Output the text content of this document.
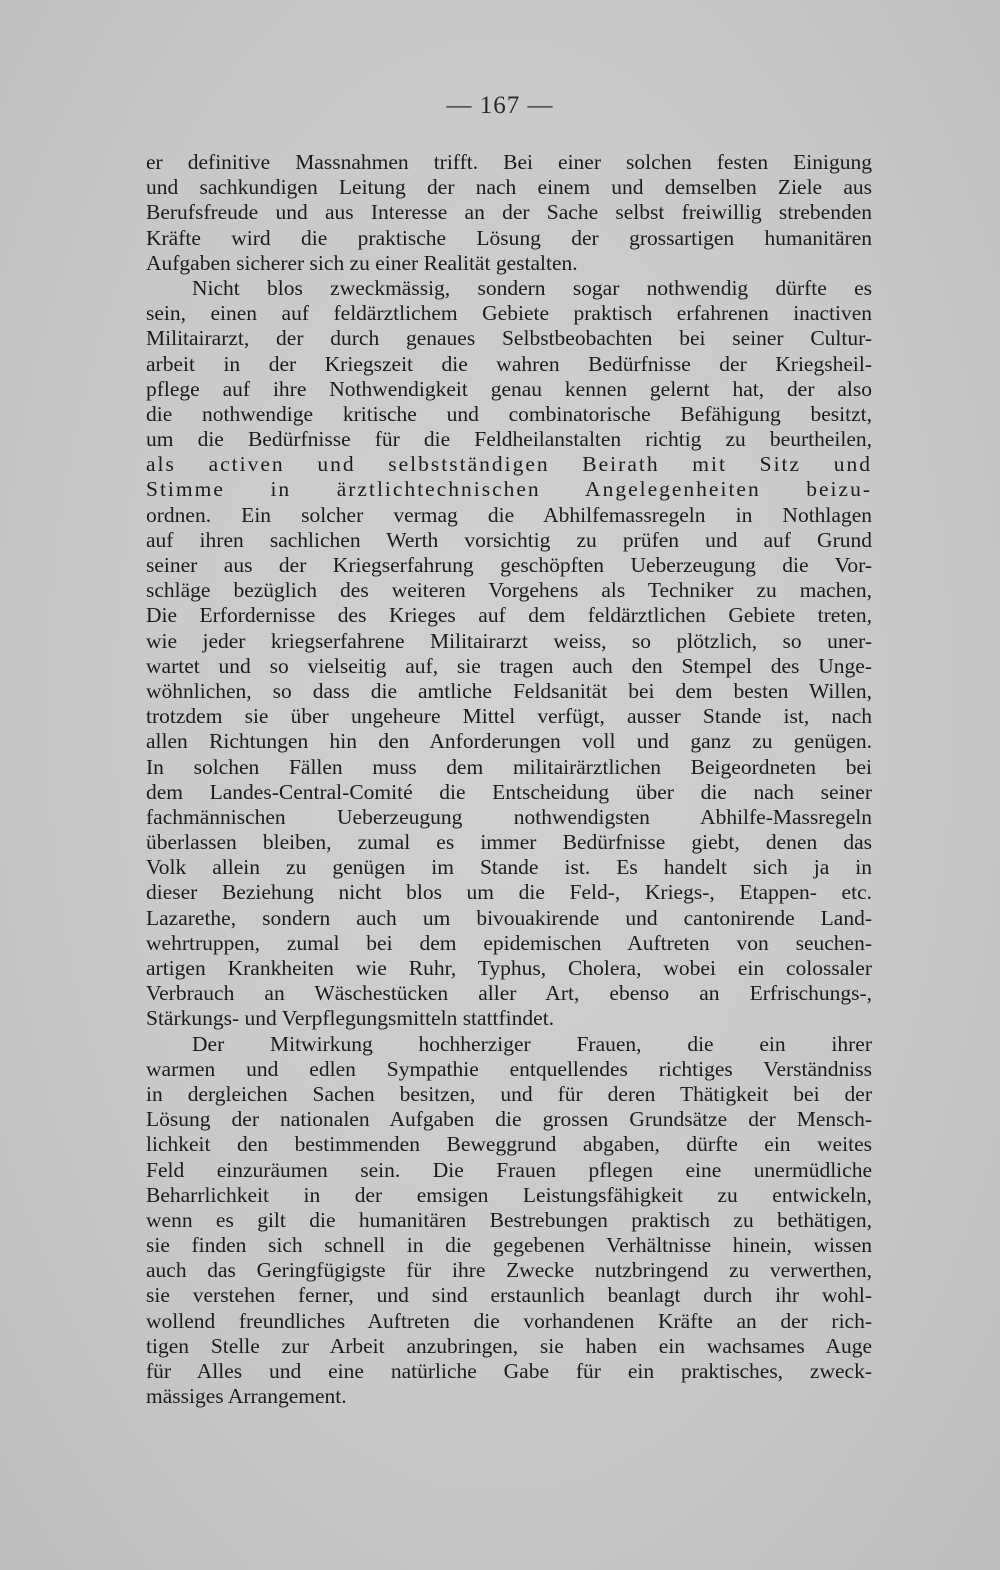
— 167 —
er definitive Massnahmen trifft. Bei einer solchen festen Einigung
und sachkundigen Leitung der nach einem und demselben Ziele aus
Berufsfreude und aus Interesse an der Sache selbst freiwillig strebenden
Kräfte wird die praktische Lösung der grossartigen humanitären
Aufgaben sicherer sich zu einer Realität gestalten.
Nicht blos zweckmässig, sondern sogar nothwendig dürfte es
sein, einen auf feldärztlichem Gebiete praktisch erfahrenen inactiven
Militairarzt, der durch genaues Selbstbeobachten bei seiner Cultur-
arbeit in der Kriegszeit die wahren Bedürfnisse der Kriegsheil-
pflege auf ihre Nothwendigkeit genau kennen gelernt hat, der also
die nothwendige kritische und combinatorische Befähigung besitzt,
um die Bedürfnisse für die Feldheilanstalten richtig zu beurtheilen,
als activen und selbstständigen Beirath mit Sitz und
Stimme in ärztlichtechnischen Angelegenheiten beizu-
ordnen. Ein solcher vermag die Abhilfemassregeln in Nothlagen
auf ihren sachlichen Werth vorsichtig zu prüfen und auf Grund
seiner aus der Kriegserfahrung geschöpften Ueberzeugung die Vor-
schläge bezüglich des weiteren Vorgehens als Techniker zu machen,
Die Erfordernisse des Krieges auf dem feldärztlichen Gebiete treten,
wie jeder kriegserfahrene Militairarzt weiss, so plötzlich, so uner-
wartet und so vielseitig auf, sie tragen auch den Stempel des Unge-
wöhnlichen, so dass die amtliche Feldsanität bei dem besten Willen,
trotzdem sie über ungeheure Mittel verfügt, ausser Stande ist, nach
allen Richtungen hin den Anforderungen voll und ganz zu genügen.
In solchen Fällen muss dem militairärztlichen Beigeordneten bei
dem Landes-Central-Comité die Entscheidung über die nach seiner
fachmännischen Ueberzeugung nothwendigsten Abhilfe-Massregeln
überlassen bleiben, zumal es immer Bedürfnisse giebt, denen das
Volk allein zu genügen im Stande ist. Es handelt sich ja in
dieser Beziehung nicht blos um die Feld-, Kriegs-, Etappen- etc.
Lazarethe, sondern auch um bivouakirende und cantonirende Land-
wehrtruppen, zumal bei dem epidemischen Auftreten von seuchen-
artigen Krankheiten wie Ruhr, Typhus, Cholera, wobei ein colossaler
Verbrauch an Wäschestücken aller Art, ebenso an Erfrischungs-,
Stärkungs- und Verpflegungsmitteln stattfindet.
Der Mitwirkung hochherziger Frauen, die ein ihrer
warmen und edlen Sympathie entquellendes richtiges Verständniss
in dergleichen Sachen besitzen, und für deren Thätigkeit bei der
Lösung der nationalen Aufgaben die grossen Grundsätze der Mensch-
lichkeit den bestimmenden Beweggrund abgaben, dürfte ein weites
Feld einzuräumen sein. Die Frauen pflegen eine unermüdliche
Beharrlichkeit in der emsigen Leistungsfähigkeit zu entwickeln,
wenn es gilt die humanitären Bestrebungen praktisch zu bethätigen,
sie finden sich schnell in die gegebenen Verhältnisse hinein, wissen
auch das Geringfügigste für ihre Zwecke nutzbringend zu verwerthen,
sie verstehen ferner, und sind erstaunlich beanlagt durch ihr wohl-
wollend freundliches Auftreten die vorhandenen Kräfte an der rich-
tigen Stelle zur Arbeit anzubringen, sie haben ein wachsames Auge
für Alles und eine natürliche Gabe für ein praktisches, zweck-
mässiges Arrangement.
